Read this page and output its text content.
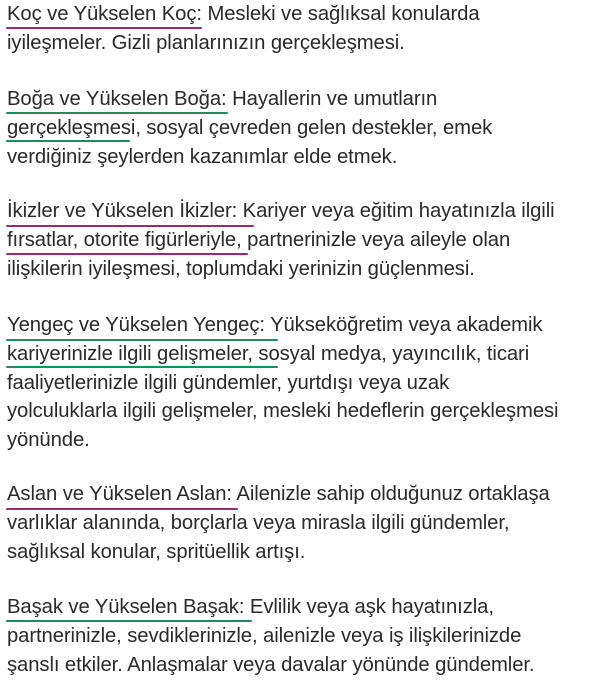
Koç ve Yükselen Koç: Mesleki ve sağlıksal konularda
iyileşmeler. Gizli planlarınızın gerçekleşmesi.
Boğa ve Yükselen Boğa: Hayallerin ve umutların
gerçekleşmesi, sosyal çevreden gelen destekler, emek
verdiğiniz şeylerden kazanımlar elde etmek.
İkizler ve Yükselen İkizler: Kariyer veya eğitim hayatınızla ilgili
fırsatlar, otorite figürleriyle, partnerinizle veya aileyle olan
ilişkilerin iyileşmesi, toplumdaki yerinizin güçlenmesi.
Yengeç ve Yükselen Yengeç: Yükseköğretim veya akademik
kariyerinizle ilgili gelişmeler, sosyal medya, yayıncılık, ticari
faaliyetlerinizle ilgili gündemler, yurtdışı veya uzak
yolculuklarla ilgili gelişmeler, mesleki hedeflerin gerçekleşmesi
yönünde.
Aslan ve Yükselen Aslan: Ailenizle sahip olduğunuz ortaklaşa
varlıklar alanında, borçlarla veya mirasla ilgili gündemler,
sağlıksal konular, spritüellik artışı.
Başak ve Yükselen Başak: Evlilik veya aşk hayatınızla,
partnerinizle, sevdiklerinizle, ailenizle veya iş ilişkilerinizde
şanslı etkiler. Anlaşmalar veya davalar yönünde gündemler.
